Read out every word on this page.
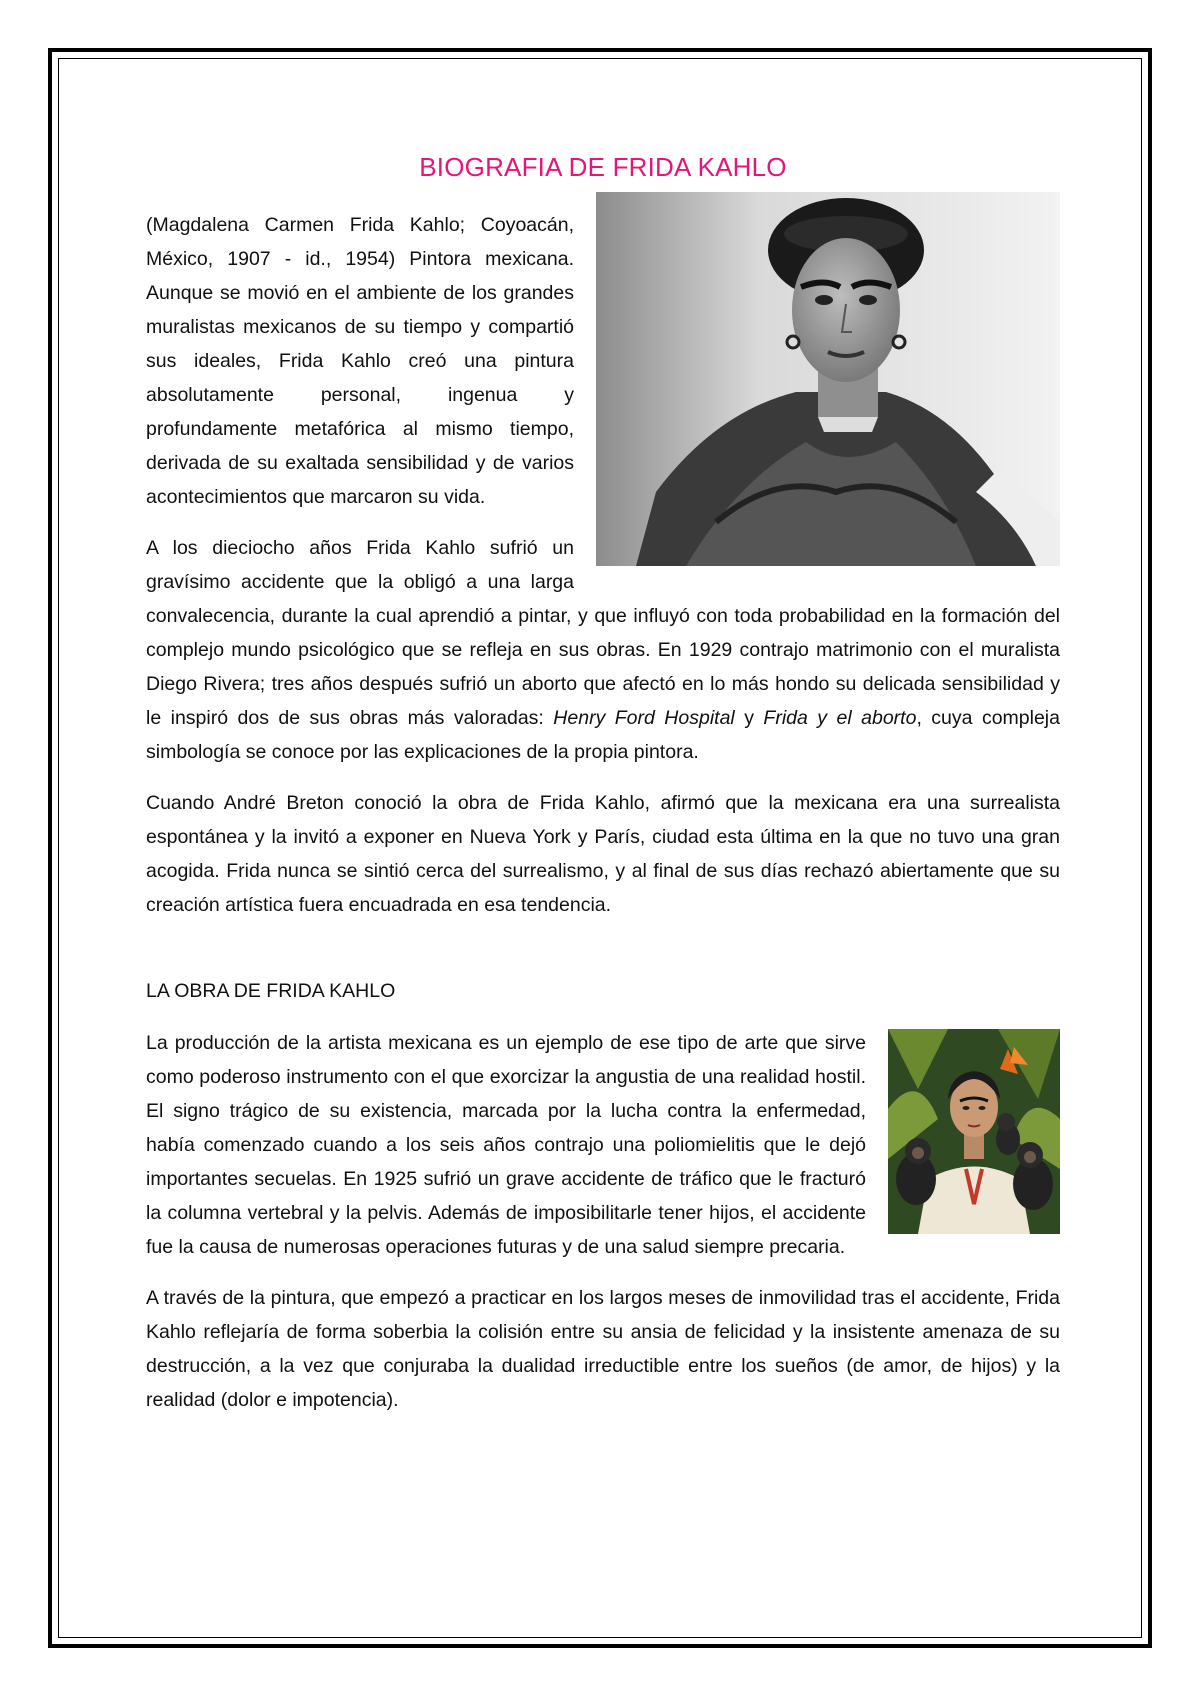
BIOGRAFIA DE FRIDA KAHLO

(Magdalena Carmen Frida Kahlo; Coyoacán, México, 1907 - id., 1954) Pintora mexicana. Aunque se movió en el ambiente de los grandes muralistas mexicanos de su tiempo y compartió sus ideales, Frida Kahlo creó una pintura absolutamente personal, ingenua y profundamente metafórica al mismo tiempo, derivada de su exaltada sensibilidad y de varios acontecimientos que marcaron su vida.

A los dieciocho años Frida Kahlo sufrió un gravísimo accidente que la obligó a una larga convalecencia, durante la cual aprendió a pintar, y que influyó con toda probabilidad en la formación del complejo mundo psicológico que se refleja en sus obras. En 1929 contrajo matrimonio con el muralista Diego Rivera; tres años después sufrió un aborto que afectó en lo más hondo su delicada sensibilidad y le inspiró dos de sus obras más valoradas: Henry Ford Hospital y Frida y el aborto, cuya compleja simbología se conoce por las explicaciones de la propia pintora.

Cuando André Breton conoció la obra de Frida Kahlo, afirmó que la mexicana era una surrealista espontánea y la invitó a exponer en Nueva York y París, ciudad esta última en la que no tuvo una gran acogida. Frida nunca se sintió cerca del surrealismo, y al final de sus días rechazó abiertamente que su creación artística fuera encuadrada en esa tendencia.

LA OBRA DE FRIDA KAHLO

La producción de la artista mexicana es un ejemplo de ese tipo de arte que sirve como poderoso instrumento con el que exorcizar la angustia de una realidad hostil. El signo trágico de su existencia, marcada por la lucha contra la enfermedad, había comenzado cuando a los seis años contrajo una poliomielitis que le dejó importantes secuelas. En 1925 sufrió un grave accidente de tráfico que le fracturó la columna vertebral y la pelvis. Además de imposibilitarle tener hijos, el accidente fue la causa de numerosas operaciones futuras y de una salud siempre precaria.

A través de la pintura, que empezó a practicar en los largos meses de inmovilidad tras el accidente, Frida Kahlo reflejaría de forma soberbia la colisión entre su ansia de felicidad y la insistente amenaza de su destrucción, a la vez que conjuraba la dualidad irreductible entre los sueños (de amor, de hijos) y la realidad (dolor e impotencia).
